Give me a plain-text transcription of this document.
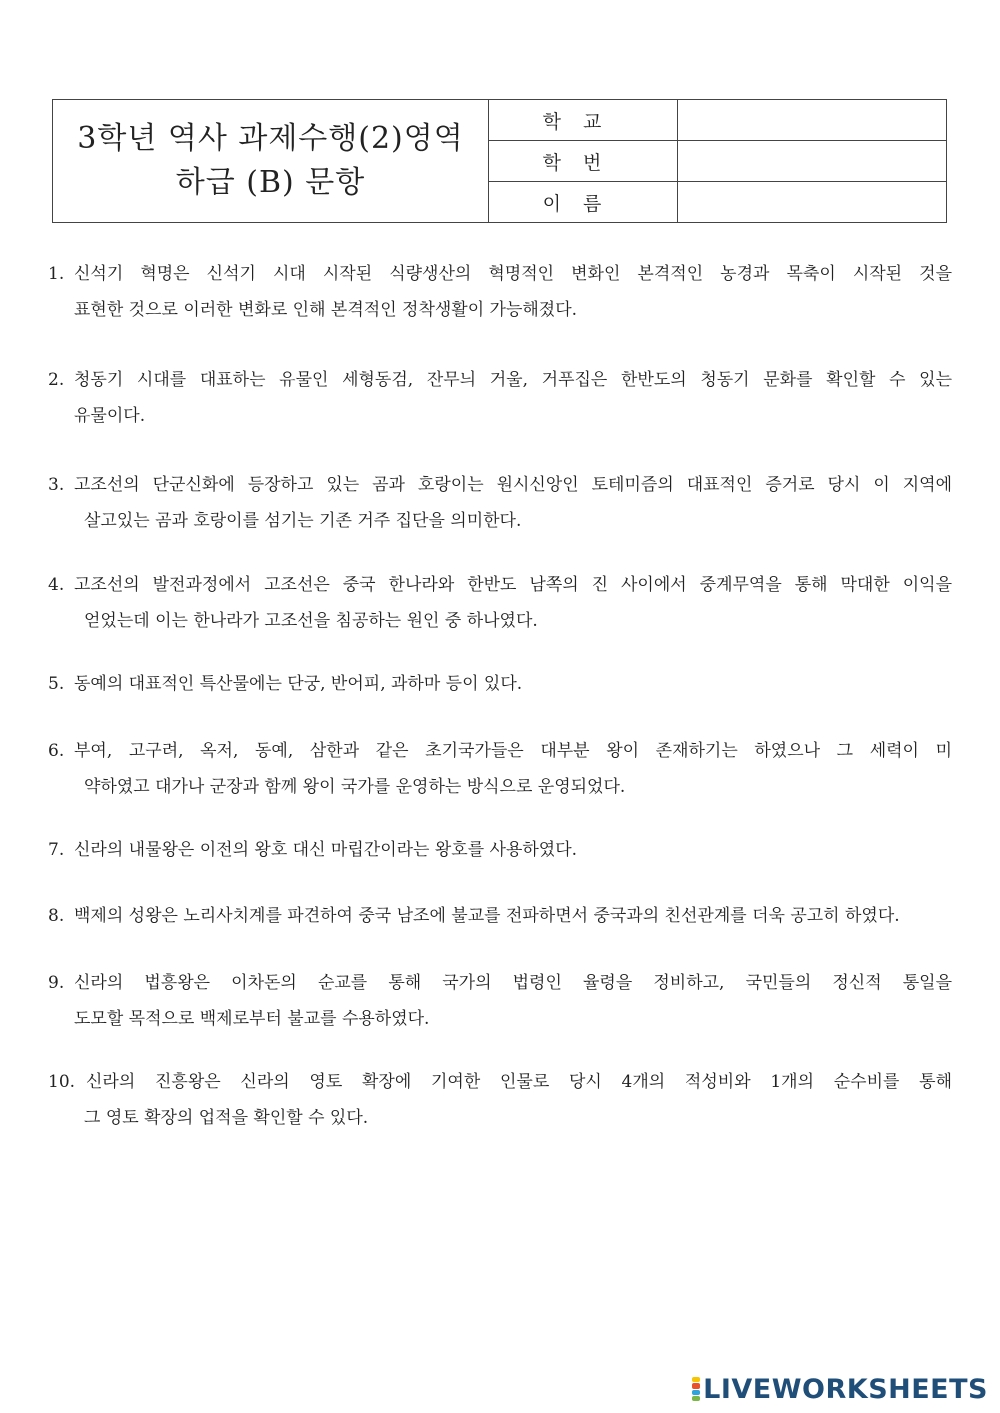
3학년 역사 과제수행(2)영역
하급 (B) 문항	학교	
	학번	
	이름	
1. 신석기 혁명은 신석기 시대 시작된 식량생산의 혁명적인 변화인 본격적인 농경과 목축이 시작된 것을
표현한 것으로 이러한 변화로 인해 본격적인 정착생활이 가능해졌다.
2. 청동기 시대를 대표하는 유물인 세형동검, 잔무늬 거울, 거푸집은 한반도의 청동기 문화를 확인할 수 있는
유물이다.
3. 고조선의 단군신화에 등장하고 있는 곰과 호랑이는 원시신앙인 토테미즘의 대표적인 증거로 당시 이 지역에
살고있는 곰과 호랑이를 섬기는 기존 거주 집단을 의미한다.
4. 고조선의 발전과정에서 고조선은 중국 한나라와 한반도 남쪽의 진 사이에서 중계무역을 통해 막대한 이익을
얻었는데 이는 한나라가 고조선을 침공하는 원인 중 하나였다.
5. 동예의 대표적인 특산물에는 단궁, 반어피, 과하마 등이 있다.
6. 부여, 고구려, 옥저, 동예, 삼한과 같은 초기국가들은 대부분 왕이 존재하기는 하였으나 그 세력이 미
약하였고 대가나 군장과 함께 왕이 국가를 운영하는 방식으로 운영되었다.
7. 신라의 내물왕은 이전의 왕호 대신 마립간이라는 왕호를 사용하였다.
8. 백제의 성왕은 노리사치계를 파견하여 중국 남조에 불교를 전파하면서 중국과의 친선관계를 더욱 공고히 하였다.
9. 신라의 법흥왕은 이차돈의 순교를 통해 국가의 법령인 율령을 정비하고, 국민들의 정신적 통일을
도모할 목적으로 백제로부터 불교를 수용하였다.
10. 신라의 진흥왕은 신라의 영토 확장에 기여한 인물로 당시 4개의 적성비와 1개의 순수비를 통해
그 영토 확장의 업적을 확인할 수 있다.
LIVEWORKSHEETS
